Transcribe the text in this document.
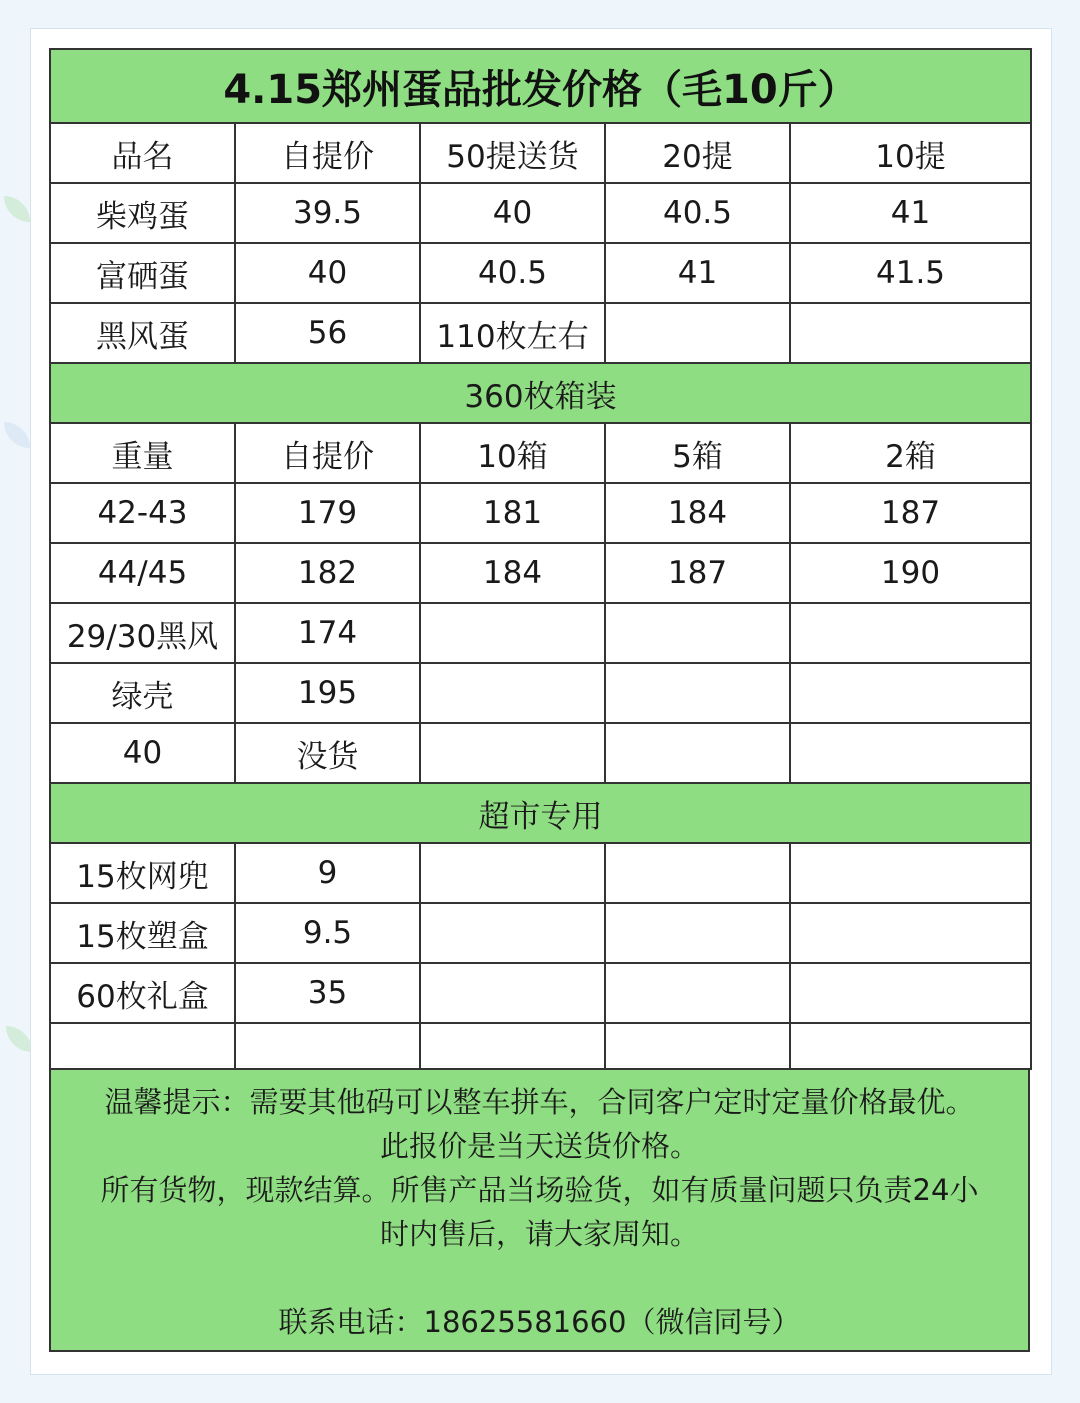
4.15郑州蛋品批发价格（毛10斤）				
品名	自提价	50提送货	20提	10提
柴鸡蛋	39.5	40	40.5	41
富硒蛋	40	40.5	41	41.5
黑风蛋	56	110枚左右		
360枚箱装				
重量	自提价	10箱	5箱	2箱
42-43	179	181	184	187
44/45	182	184	187	190
29/30黑风	174			
绿壳	195			
40	没货			
超市专用				
15枚网兜	9			
15枚塑盒	9.5			
60枚礼盒	35			

温馨提示：需要其他码可以整车拼车，合同客户定时定量价格最优。
此报价是当天送货价格。
所有货物，现款结算。所售产品当场验货，如有质量问题只负责24小
时内售后，请大家周知。
联系电话：18625581660（微信同号）
